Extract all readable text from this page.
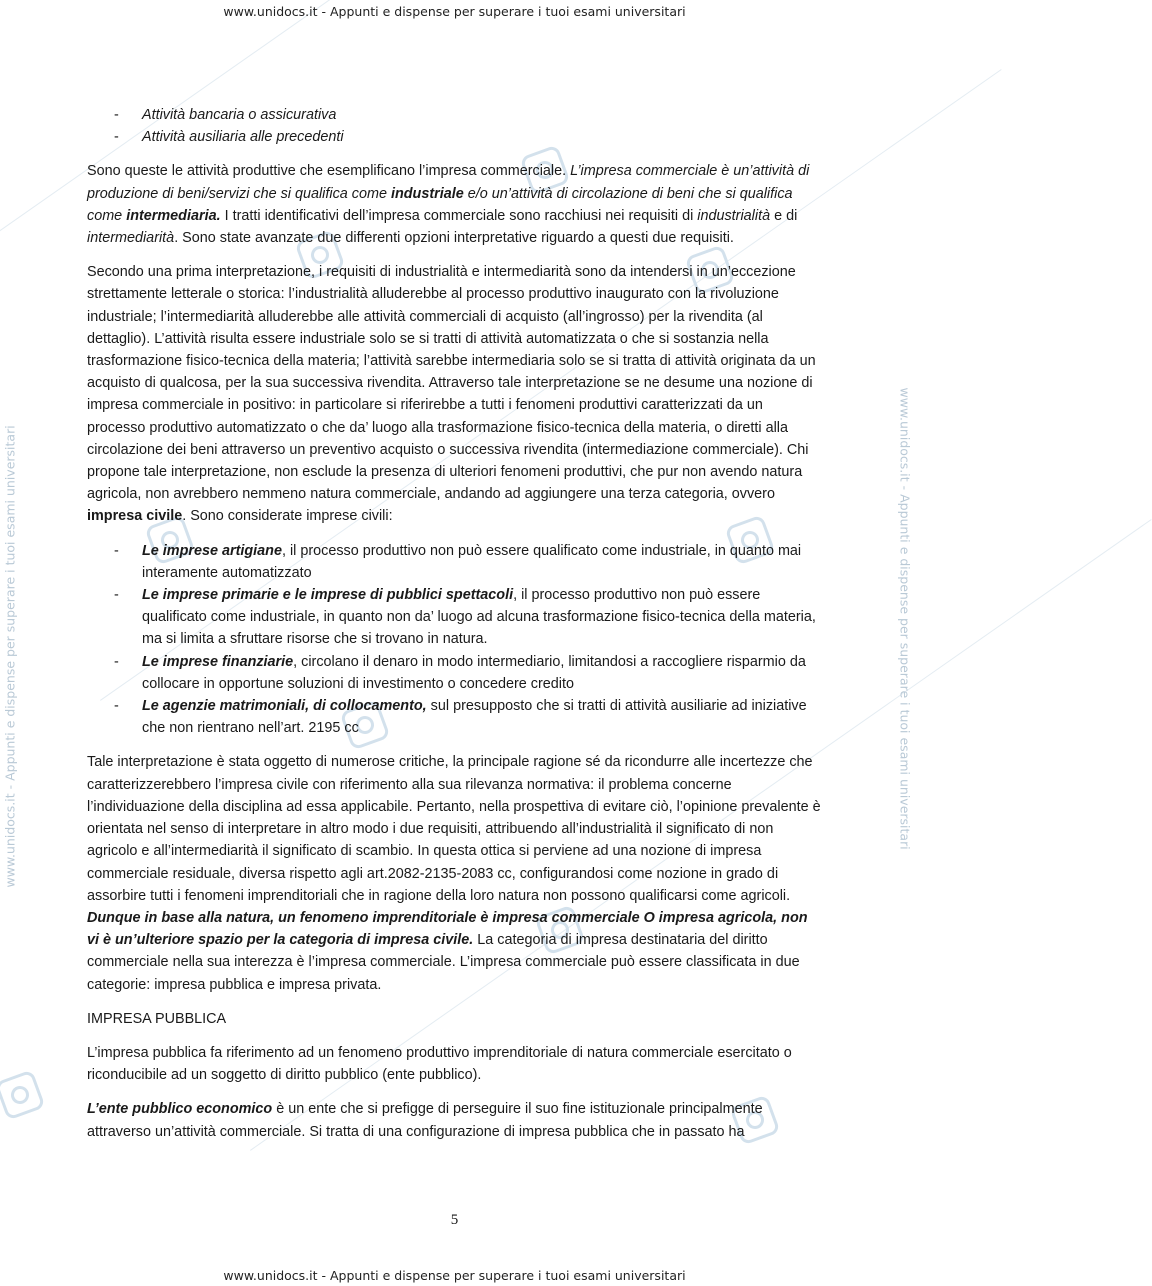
www.unidocs.it - Appunti e dispense per superare i tuoi esami universitari
www.unidocs.it - Appunti e dispense per superare i tuoi esami universitari	www.unidocs.it - Appunti e dispense per superare i tuoi esami universitari
- Attività bancaria o assicurativa
- Attività ausiliaria alle precedenti

Sono queste le attività produttive che esemplificano l’impresa commerciale. L’impresa commerciale è un’attività di produzione di beni/servizi che si qualifica come industriale e/o un’attività di circolazione di beni che si qualifica come intermediaria. I tratti identificativi dell’impresa commerciale sono racchiusi nei requisiti di industrialità e di intermediarità. Sono state avanzate due differenti opzioni interpretative riguardo a questi due requisiti.

Secondo una prima interpretazione, i requisiti di industrialità e intermediarità sono da intendersi in un’eccezione strettamente letterale o storica: l’industrialità alluderebbe al processo produttivo inaugurato con la rivoluzione industriale; l’intermediarità alluderebbe alle attività commerciali di acquisto (all’ingrosso) per la rivendita (al dettaglio). L’attività risulta essere industriale solo se si tratti di attività automatizzata o che si sostanzia nella trasformazione fisico-tecnica della materia; l’attività sarebbe intermediaria solo se si tratta di attività originata da un acquisto di qualcosa, per la sua successiva rivendita. Attraverso tale interpretazione se ne desume una nozione di impresa commerciale in positivo: in particolare si riferirebbe a tutti i fenomeni produttivi caratterizzati da un processo produttivo automatizzato o che da’ luogo alla trasformazione fisico-tecnica della materia, o diretti alla circolazione dei beni attraverso un preventivo acquisto o successiva rivendita (intermediazione commerciale). Chi propone tale interpretazione, non esclude la presenza di ulteriori fenomeni produttivi, che pur non avendo natura agricola, non avrebbero nemmeno natura commerciale, andando ad aggiungere una terza categoria, ovvero impresa civile. Sono considerate imprese civili:

- Le imprese artigiane, il processo produttivo non può essere qualificato come industriale, in quanto mai interamente automatizzato
- Le imprese primarie e le imprese di pubblici spettacoli, il processo produttivo non può essere qualificato come industriale, in quanto non da’ luogo ad alcuna trasformazione fisico-tecnica della materia, ma si limita a sfruttare risorse che si trovano in natura.
- Le imprese finanziarie, circolano il denaro in modo intermediario, limitandosi a raccogliere risparmio da collocare in opportune soluzioni di investimento o concedere credito
- Le agenzie matrimoniali, di collocamento, sul presupposto che si tratti di attività ausiliarie ad iniziative che non rientrano nell’art. 2195 cc

Tale interpretazione è stata oggetto di numerose critiche, la principale ragione sé da ricondurre alle incertezze che caratterizzerebbero l’impresa civile con riferimento alla sua rilevanza normativa: il problema concerne l’individuazione della disciplina ad essa applicabile. Pertanto, nella prospettiva di evitare ciò, l’opinione prevalente è orientata nel senso di interpretare in altro modo i due requisiti, attribuendo all’industrialità il significato di non agricolo e all’intermediarità il significato di scambio. In questa ottica si perviene ad una nozione di impresa commerciale residuale, diversa rispetto agli art.2082-2135-2083 cc, configurandosi come nozione in grado di assorbire tutti i fenomeni imprenditoriali che in ragione della loro natura non possono qualificarsi come agricoli. Dunque in base alla natura, un fenomeno imprenditoriale è impresa commerciale O impresa agricola, non vi è un’ulteriore spazio per la categoria di impresa civile. La categoria di impresa destinataria del diritto commerciale nella sua interezza è l’impresa commerciale. L’impresa commerciale può essere classificata in due categorie: impresa pubblica e impresa privata.

IMPRESA PUBBLICA

L’impresa pubblica fa riferimento ad un fenomeno produttivo imprenditoriale di natura commerciale esercitato o riconducibile ad un soggetto di diritto pubblico (ente pubblico).

L’ente pubblico economico è un ente che si prefigge di perseguire il suo fine istituzionale principalmente attraverso un’attività commerciale. Si tratta di una configurazione di impresa pubblica che in passato ha

5
www.unidocs.it - Appunti e dispense per superare i tuoi esami universitari
